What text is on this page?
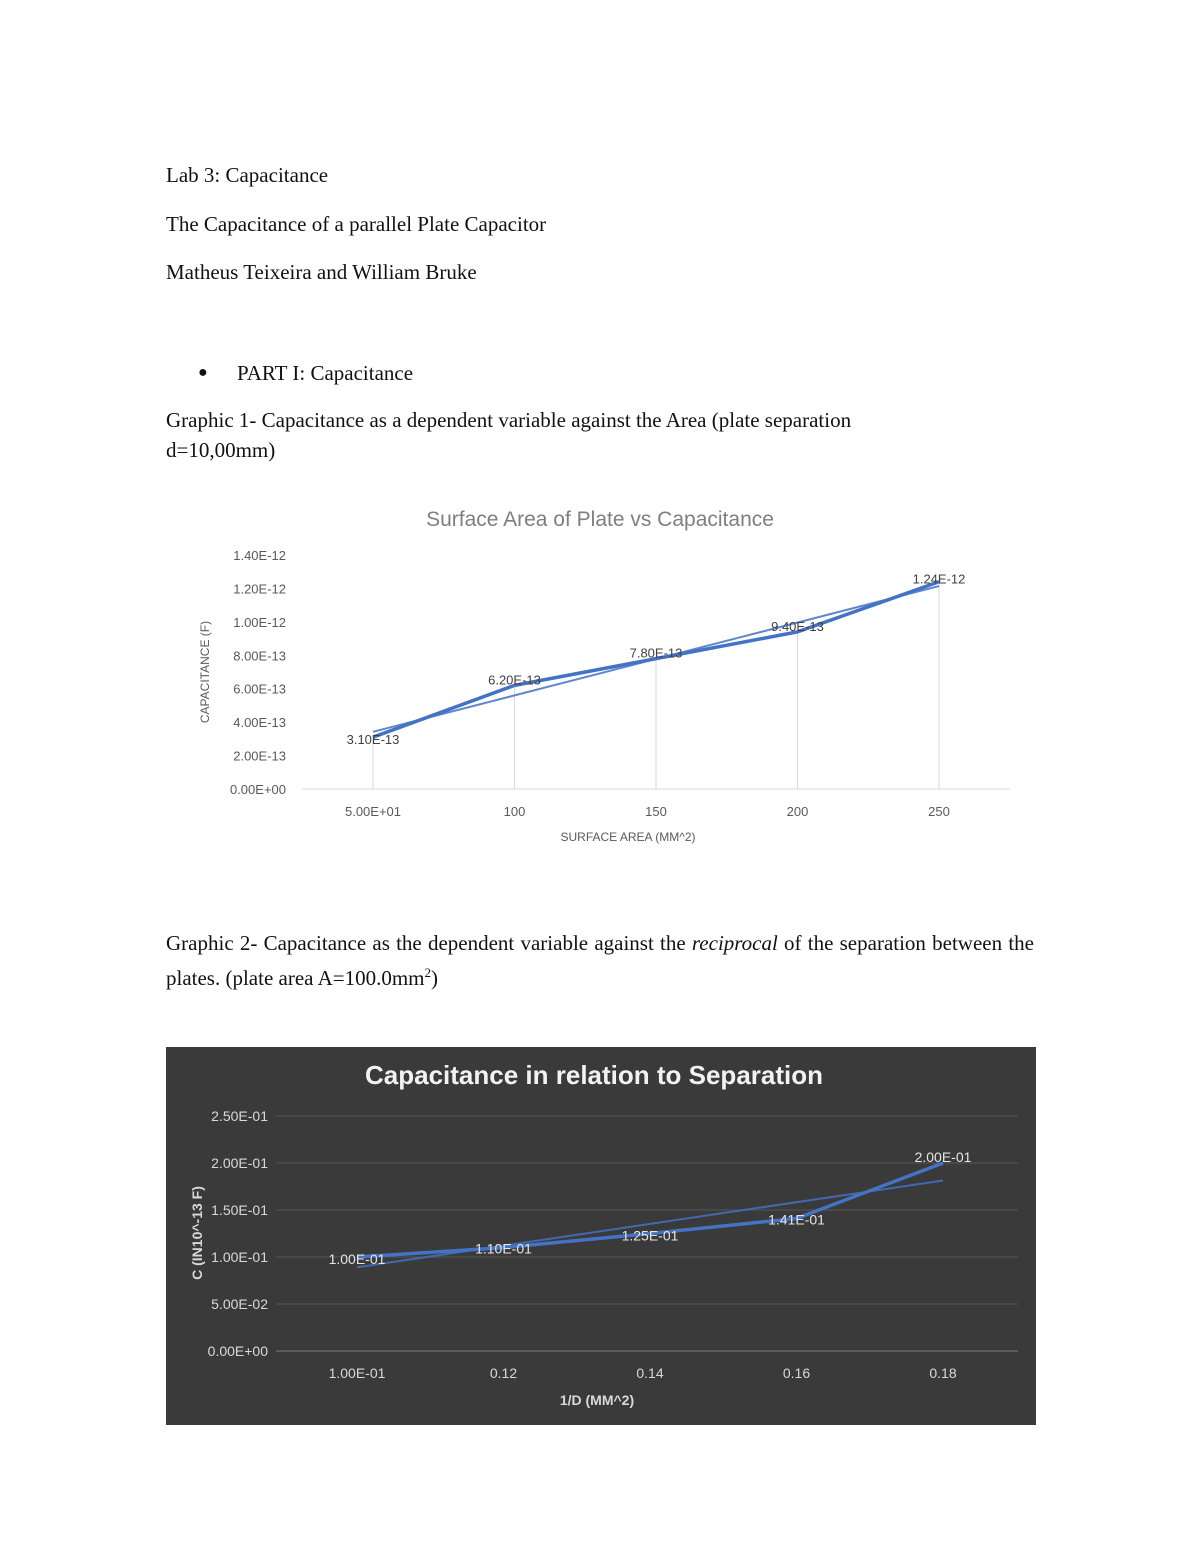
Lab 3: Capacitance
The Capacitance of a parallel Plate Capacitor
Matheus Teixeira and William Bruke
● PART I: Capacitance
Graphic 1- Capacitance as a dependent variable against the Area (plate separation
d=10,00mm)
Surface Area of Plate vs Capacitance
0.00E+00
2.00E-13
4.00E-13
6.00E-13
8.00E-13
1.00E-12
1.20E-12
1.40E-12
5.00E+01	100	150	200	250
3.10E-13
6.20E-13
7.80E-13
9.40E-13
1.24E-12
SURFACE AREA (MM^2)
CAPACITANCE (F)
Graphic 2- Capacitance as the dependent variable against the reciprocal of the separation between the plates. (plate area $A=100.0mm^2$)
Capacitance in relation to Separation
0.00E+00
5.00E-02
1.00E-01
1.50E-01
2.00E-01
2.50E-01
1.00E-01	0.12	0.14	0.16	0.18
1.00E-01
1.10E-01
1.25E-01
1.41E-01
2.00E-01
1/D (MM^2)
C (IN10^-13 F)
